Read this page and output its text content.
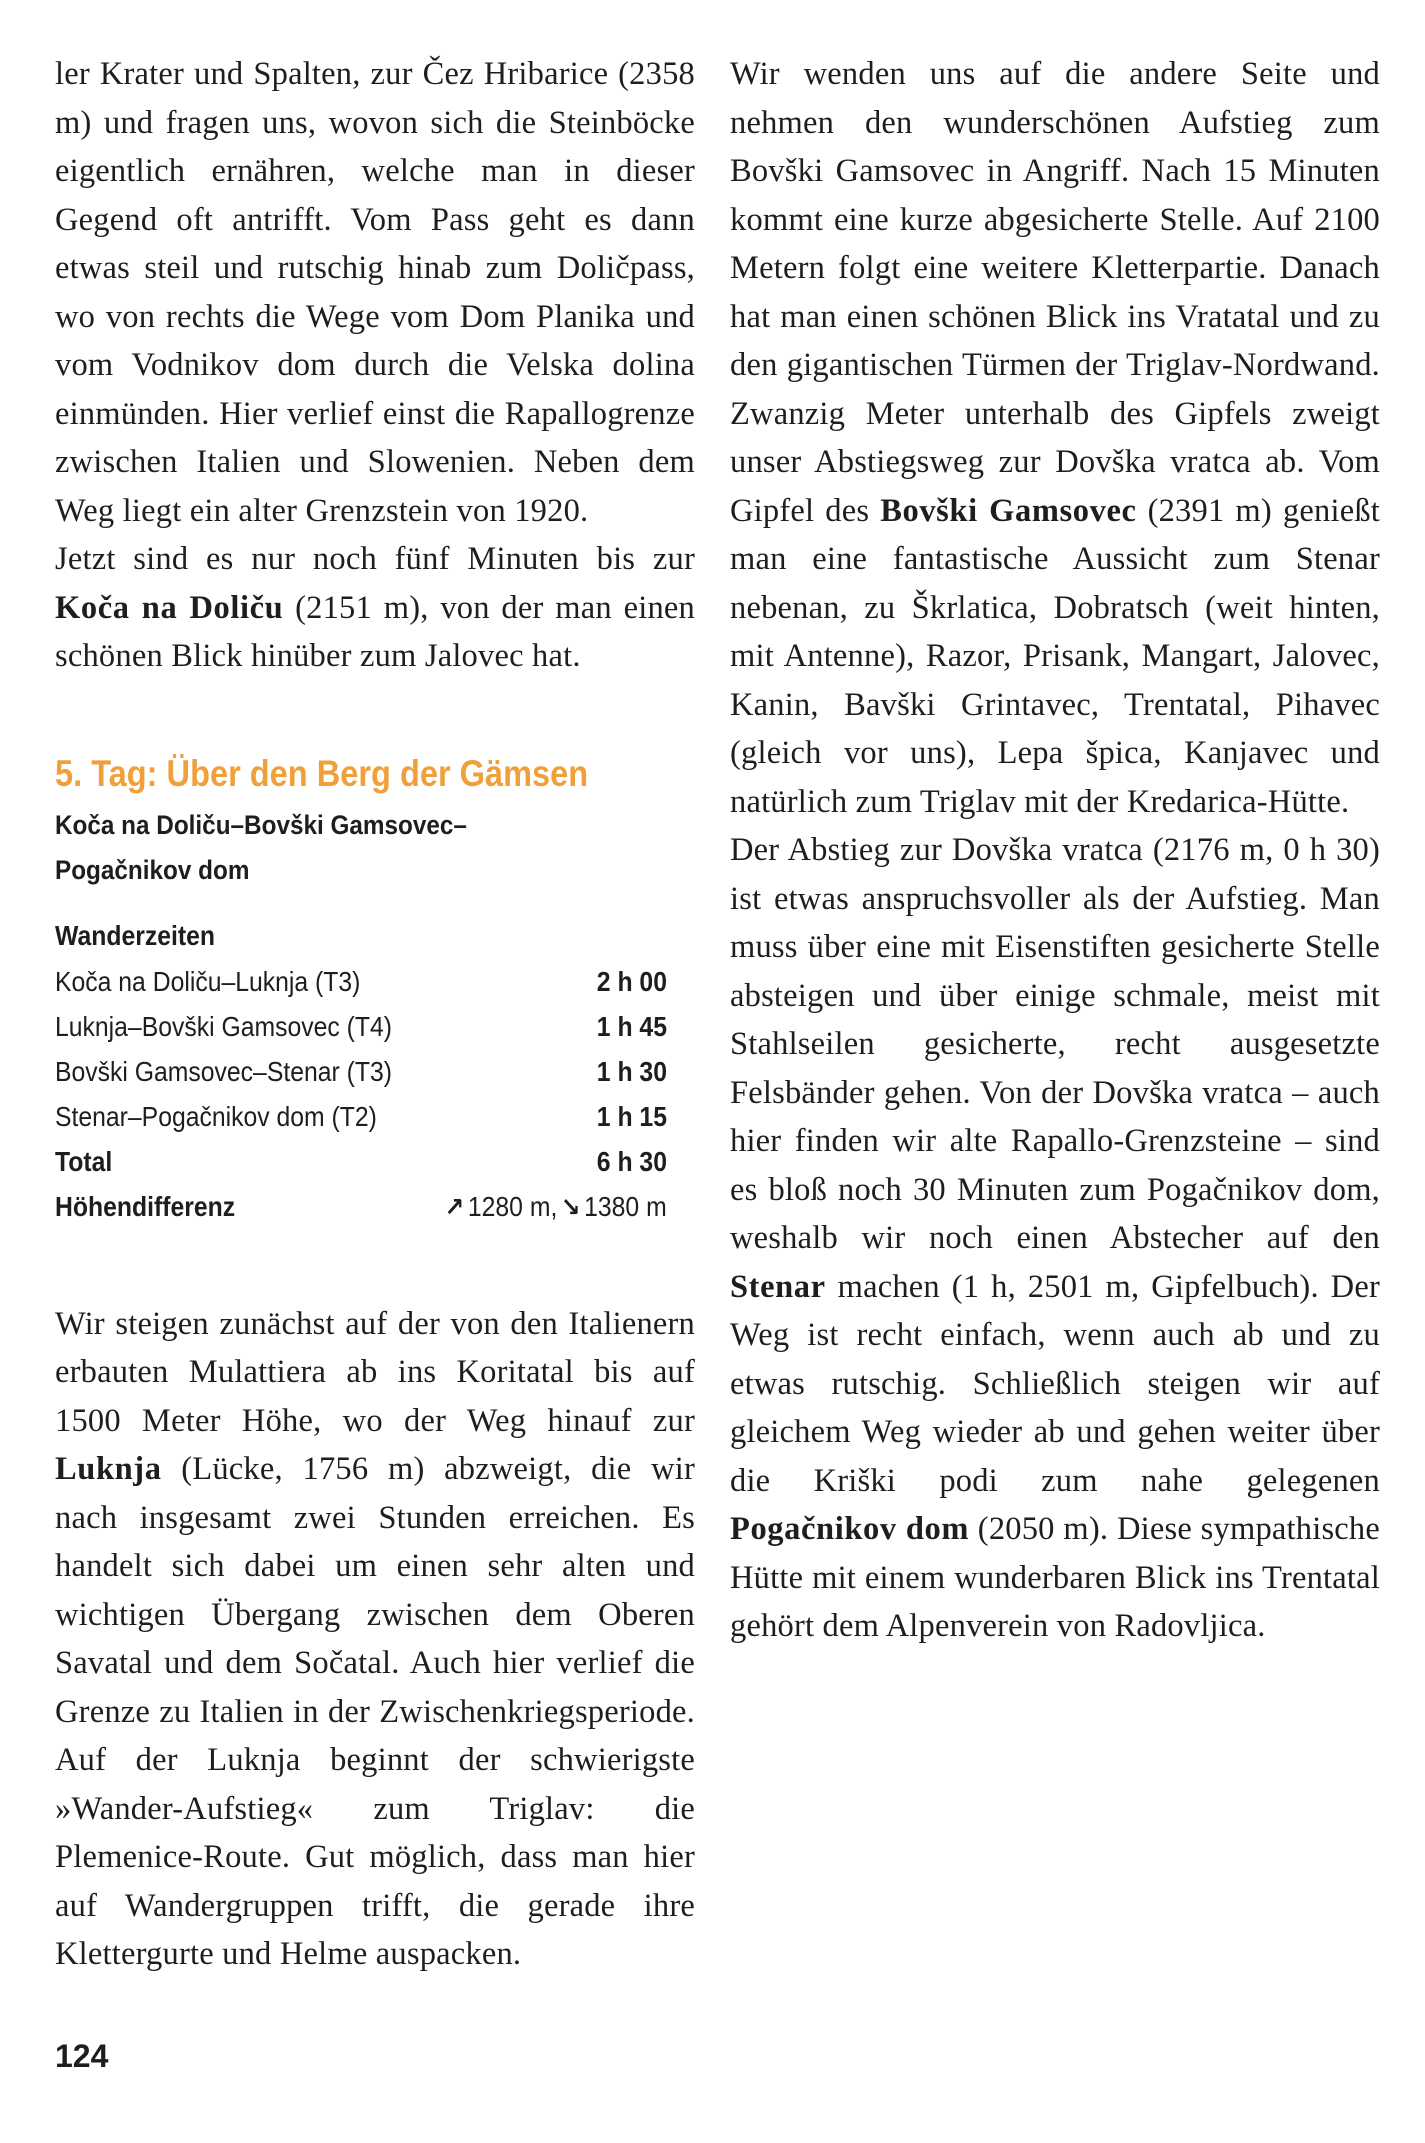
ler Krater und Spalten, zur Čez Hribarice (2358 m) und fragen uns, wovon sich die Steinböcke eigentlich ernähren, welche man in dieser Gegend oft antrifft. Vom Pass geht es dann etwas steil und rutschig hinab zum Doličpass, wo von rechts die Wege vom Dom Planika und vom Vodnikov dom durch die Velska dolina einmünden. Hier verlief einst die Rapallogrenze zwischen Italien und Slowenien. Neben dem Weg liegt ein alter Grenzstein von 1920.

Jetzt sind es nur noch fünf Minuten bis zur Koča na Doliču (2151 m), von der man einen schönen Blick hinüber zum Jalovec hat.

5. Tag: Über den Berg der Gämsen
Koča na Doliču–Bovški Gamsovec–
Pogačnikov dom
Wanderzeiten
Koča na Doliču–Luknja (T3)	2 h 00
Luknja–Bovški Gamsovec (T4)	1 h 45
Bovški Gamsovec–Stenar (T3)	1 h 30
Stenar–Pogačnikov dom (T2)	1 h 15
Total	6 h 30
Höhendifferenz	↗ 1280 m, ↘ 1380 m

Wir steigen zunächst auf der von den Italienern erbauten Mulattiera ab ins Koritatal bis auf 1500 Meter Höhe, wo der Weg hinauf zur Luknja (Lücke, 1756 m) abzweigt, die wir nach insgesamt zwei Stunden erreichen. Es handelt sich dabei um einen sehr alten und wichtigen Übergang zwischen dem Oberen Savatal und dem Sočatal. Auch hier verlief die Grenze zu Italien in der Zwischenkriegsperiode. Auf der Luknja beginnt der schwierigste »Wander-Aufstieg« zum Triglav: die Plemenice-Route. Gut möglich, dass man hier auf Wandergruppen trifft, die gerade ihre Klettergurte und Helme auspacken.

Wir wenden uns auf die andere Seite und nehmen den wunderschönen Aufstieg zum Bovški Gamsovec in Angriff. Nach 15 Minuten kommt eine kurze abgesicherte Stelle. Auf 2100 Metern folgt eine weitere Kletterpartie. Danach hat man einen schönen Blick ins Vratatal und zu den gigantischen Türmen der Triglav-Nordwand. Zwanzig Meter unterhalb des Gipfels zweigt unser Abstiegsweg zur Dovška vratca ab. Vom Gipfel des Bovški Gamsovec (2391 m) genießt man eine fantastische Aussicht zum Stenar nebenan, zu Škrlatica, Dobratsch (weit hinten, mit Antenne), Razor, Prisank, Mangart, Jalovec, Kanin, Bavški Grintavec, Trentatal, Pihavec (gleich vor uns), Lepa špica, Kanjavec und natürlich zum Triglav mit der Kredarica-Hütte.

Der Abstieg zur Dovška vratca (2176 m, 0 h 30) ist etwas anspruchsvoller als der Aufstieg. Man muss über eine mit Eisenstiften gesicherte Stelle absteigen und über einige schmale, meist mit Stahlseilen gesicherte, recht ausgesetzte Felsbänder gehen. Von der Dovška vratca – auch hier finden wir alte Rapallo-Grenzsteine – sind es bloß noch 30 Minuten zum Pogačnikov dom, weshalb wir noch einen Abstecher auf den Stenar machen (1 h, 2501 m, Gipfelbuch). Der Weg ist recht einfach, wenn auch ab und zu etwas rutschig. Schließlich steigen wir auf gleichem Weg wieder ab und gehen weiter über die Kriški podi zum nahe gelegenen Pogačnikov dom (2050 m). Diese sympathische Hütte mit einem wunderbaren Blick ins Trentatal gehört dem Alpenverein von Radovljica.

124
